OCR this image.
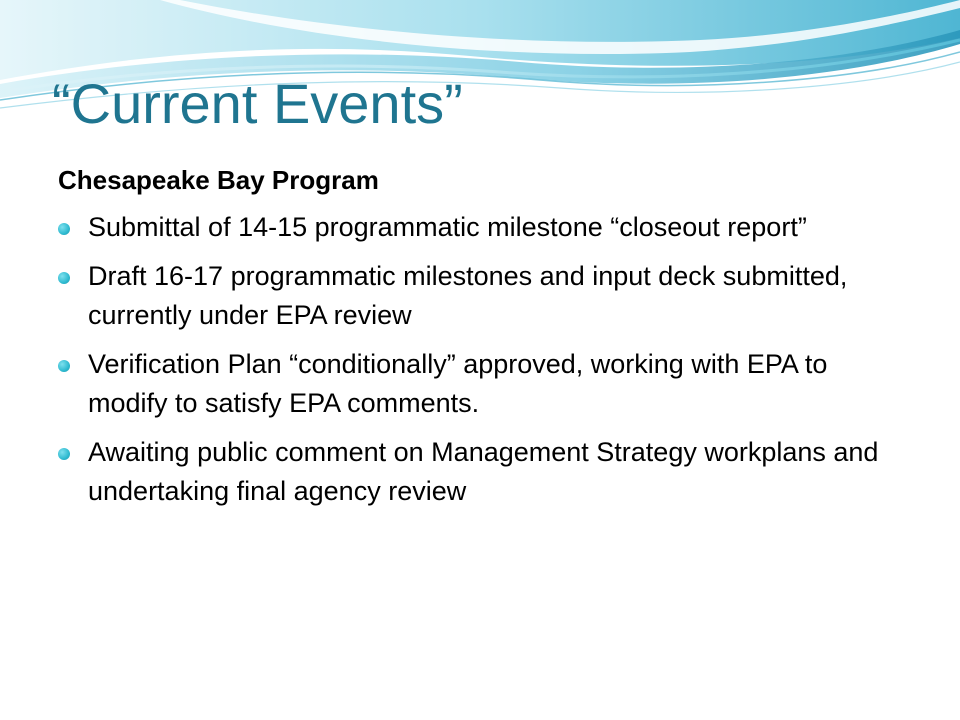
“Current Events”
Chesapeake Bay Program
Submittal of 14-15 programmatic milestone “closeout report”
Draft 16-17 programmatic milestones and input deck submitted, currently under EPA review
Verification Plan “conditionally” approved, working with EPA to modify to satisfy EPA comments.
Awaiting public comment on Management Strategy workplans and undertaking final agency review
